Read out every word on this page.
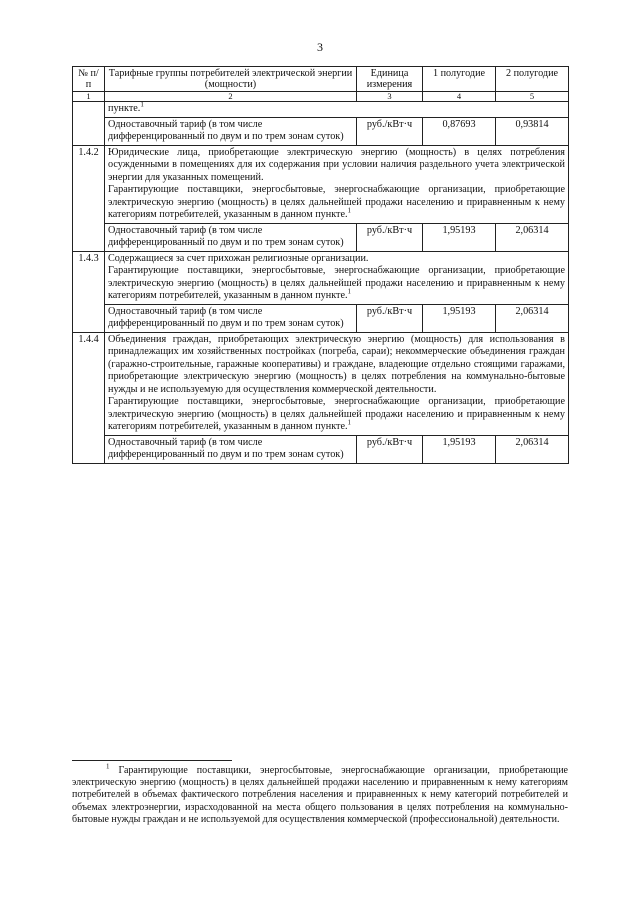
3
№ п/п	Тарифные группы потребителей электрической энергии (мощности)	Единица измерения	1 полугодие	2 полугодие
1	2	3	4	5
	пункте.$^1$
	Одноставочный тариф (в том числе дифференцированный по двум и по трем зонам суток)	руб./кВт·ч	0,87693	0,93814
1.4.2	Юридические лица, приобретающие электрическую энергию (мощность) в целях потребления осужденными в помещениях для их содержания при условии наличия раздельного учета электрической энергии для указанных помещений.
Гарантирующие поставщики, энергосбытовые, энергоснабжающие организации, приобретающие электрическую энергию (мощность) в целях дальнейшей продажи населению и приравненным к нему категориям потребителей, указанным в данном пункте.$^1$

	Одноставочный тариф (в том числе дифференцированный по двум и по трем зонам суток)	руб./кВт·ч	1,95193	2,06314
1.4.3	Содержащиеся за счет прихожан религиозные организации.
Гарантирующие поставщики, энергосбытовые, энергоснабжающие организации, приобретающие электрическую энергию (мощность) в целях дальнейшей продажи населению и приравненным к нему категориям потребителей, указанным в данном пункте.$^1$

	Одноставочный тариф (в том числе дифференцированный по двум и по трем зонам суток)	руб./кВт·ч	1,95193	2,06314
1.4.4	Объединения граждан, приобретающих электрическую энергию (мощность) для использования в принадлежащих им хозяйственных постройках (погреба, сараи); некоммерческие объединения граждан (гаражно-строительные, гаражные кооперативы) и граждане, владеющие отдельно стоящими гаражами, приобретающие электрическую энергию (мощность) в целях потребления на коммунально-бытовые нужды и не используемую для осуществления коммерческой деятельности.
Гарантирующие поставщики, энергосбытовые, энергоснабжающие организации, приобретающие электрическую энергию (мощность) в целях дальнейшей продажи населению и приравненным к нему категориям потребителей, указанным в данном пункте.$^1$

	Одноставочный тариф (в том числе дифференцированный по двум и по трем зонам суток)	руб./кВт·ч	1,95193	2,06314
$^1$ Гарантирующие поставщики, энергосбытовые, энергоснабжающие организации, приобретающие электрическую энергию (мощность) в целях дальнейшей продажи населению и приравненным к нему категориям потребителей в объемах фактического потребления населения и приравненных к нему категорий потребителей и объемах электроэнергии, израсходованной на места общего пользования в целях потребления на коммунально-бытовые нужды граждан и не используемой для осуществления коммерческой (профессиональной) деятельности.
